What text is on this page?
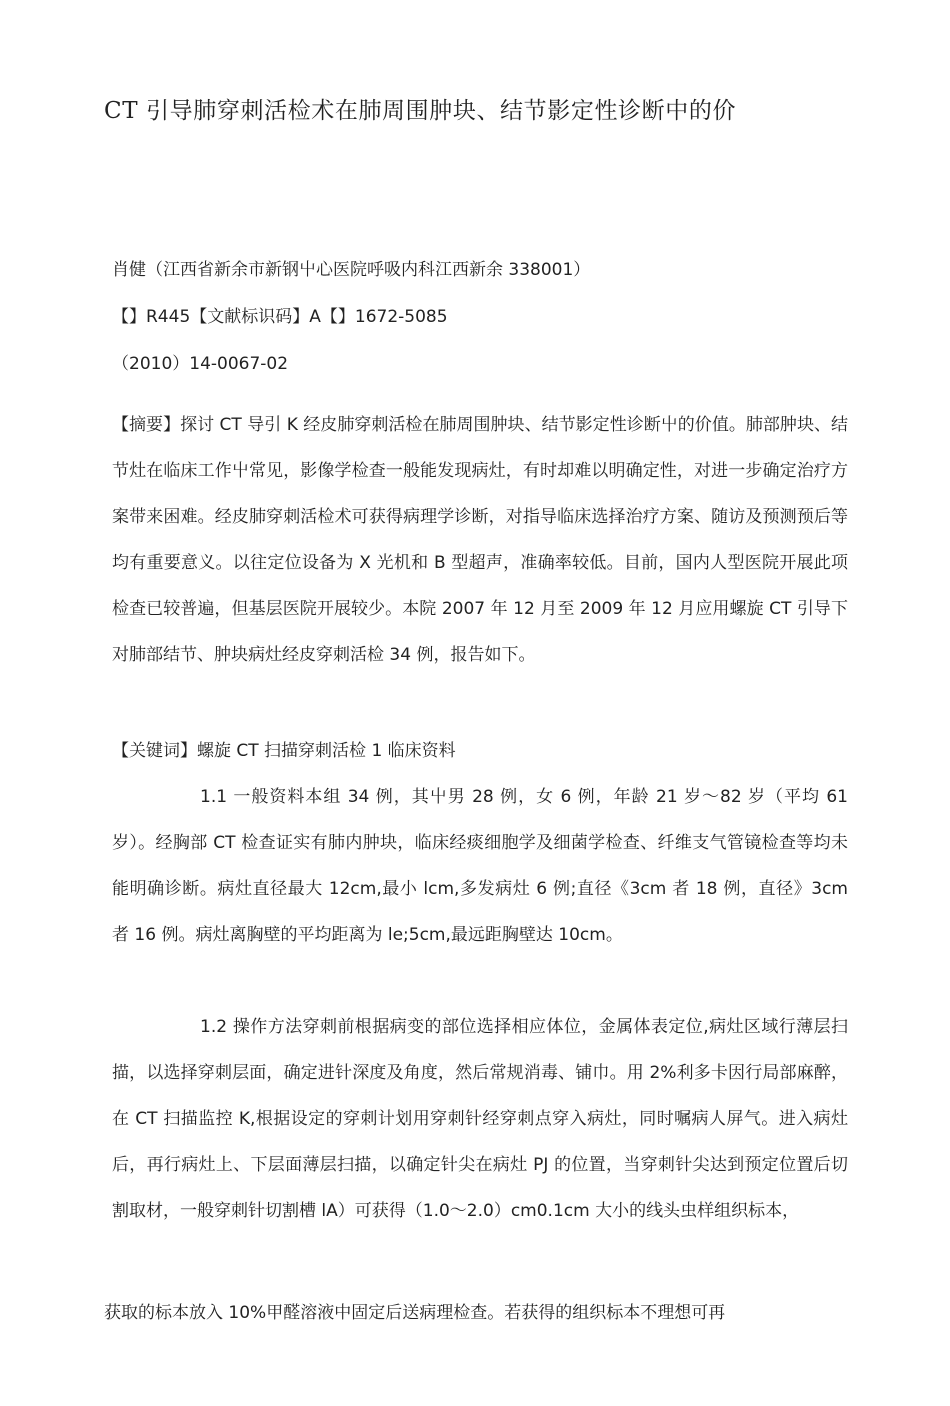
CT 引导肺穿刺活检术在肺周围肿块、结节影定性诊断中的价
肖健（江西省新余市新钢屮心医院呼吸内科江西新余 338001）
【】R445【文献标识码】A【】1672-5085
（2010）14-0067-02

【摘要】探讨 CT 导引 K 经皮肺穿刺活检在肺周围肿块、结节影定性诊断屮的价值。肺部肿块、结节灶在临床工作屮常见，影像学检查一般能发现病灶，有时却难以明确定性，对进一步确定治疗方案带来困难。经皮肺穿刺活检术可获得病理学诊断，对指导临床选择治疗方案、随访及预测预后等均有重要意义。以往定位设备为 X 光机和 B 型超声，准确率较低。目前，国内人型医院开展此项检查已较普遍，但基层医院开展较少。本院 2007 年 12 月至 2009 年 12 月应用螺旋 CT 引导下对肺部结节、肿块病灶经皮穿刺活检 34 例，报告如下。

【关键词】螺旋 CT 扫描穿刺活检 1 临床资料

1.1 一般资料本组 34 例，其屮男 28 例，女 6 例，年龄 21 岁〜82 岁（平均 61 岁）。经胸部 CT 检查证实有肺内肿块，临床经痰细胞学及细菌学检查、纤维支气管镜检查等均未能明确诊断。病灶直径最大 12cm,最小 lcm,多发病灶 6 例;直径《3cm 者 18 例，直径》3cm 者 16 例。病灶离胸壁的平均距离为 le;5cm,最远距胸壁达 10cm。

1.2 操作方法穿刺前根据病变的部位选择相应体位，金属体表定位,病灶区域行薄层扫描，以选择穿刺层面，确定进针深度及角度，然后常规消毒、铺巾。用 2%利多卡因行局部麻醉，在 CT 扫描监控 K,根据设定的穿刺计划用穿刺针经穿刺点穿入病灶，同时嘱病人屏气。进入病灶后，再行病灶上、下层面薄层扫描，以确定针尖在病灶 PJ 的位置，当穿刺针尖达到预定位置后切割取材，一般穿刺针切割槽 lA）可获得（1.0〜2.0）cm0.1cm 大小的线头虫样组织标本，

获取的标本放入 10%甲醛溶液中固定后送病理检查。若获得的组织标本不理想可再
